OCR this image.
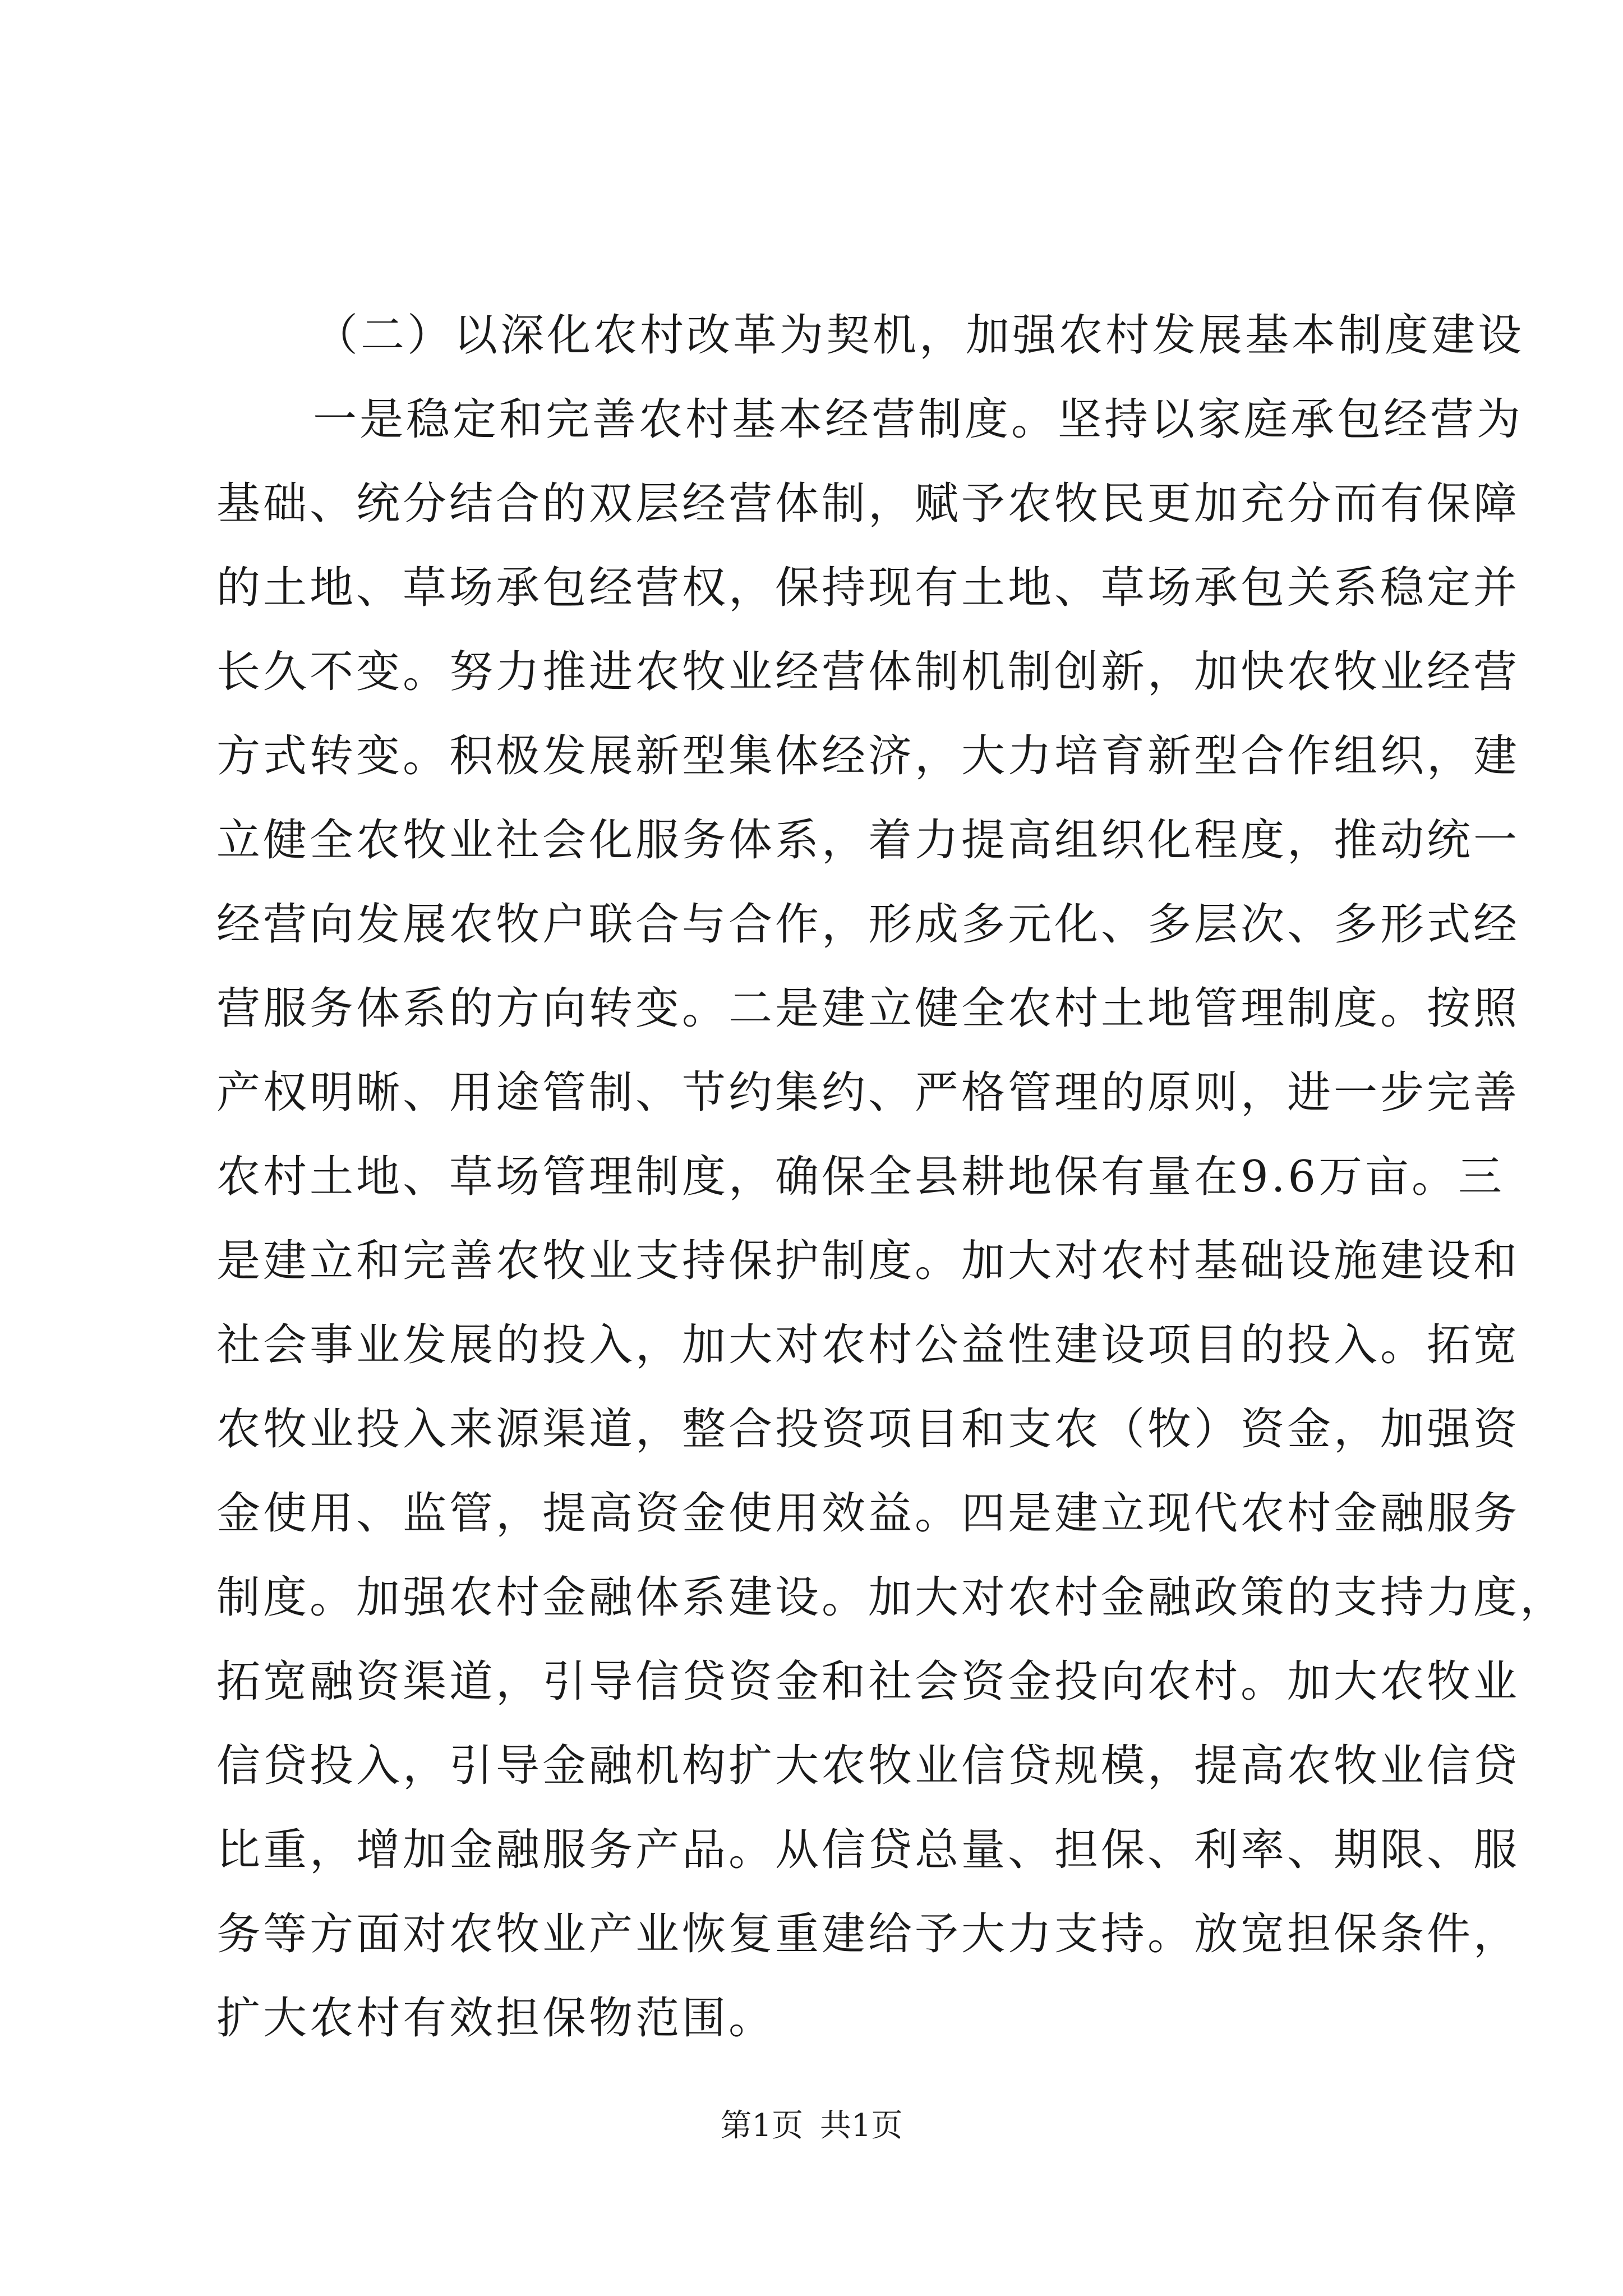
（二）以深化农村改革为契机，加强农村发展基本制度建设
一是稳定和完善农村基本经营制度。坚持以家庭承包经营为
基础、统分结合的双层经营体制，赋予农牧民更加充分而有保障
的土地、草场承包经营权，保持现有土地、草场承包关系稳定并
长久不变。努力推进农牧业经营体制机制创新，加快农牧业经营
方式转变。积极发展新型集体经济，大力培育新型合作组织，建
立健全农牧业社会化服务体系，着力提高组织化程度，推动统一
经营向发展农牧户联合与合作，形成多元化、多层次、多形式经
营服务体系的方向转变。二是建立健全农村土地管理制度。按照
产权明晰、用途管制、节约集约、严格管理的原则，进一步完善
农村土地、草场管理制度，确保全县耕地保有量在9.6万亩。三
是建立和完善农牧业支持保护制度。加大对农村基础设施建设和
社会事业发展的投入，加大对农村公益性建设项目的投入。拓宽
农牧业投入来源渠道，整合投资项目和支农（牧）资金，加强资
金使用、监管，提高资金使用效益。四是建立现代农村金融服务
制度。加强农村金融体系建设。加大对农村金融政策的支持力度，
拓宽融资渠道，引导信贷资金和社会资金投向农村。加大农牧业
信贷投入，引导金融机构扩大农牧业信贷规模，提高农牧业信贷
比重，增加金融服务产品。从信贷总量、担保、利率、期限、服
务等方面对农牧业产业恢复重建给予大力支持。放宽担保条件，
扩大农村有效担保物范围。
第1页 共1页
